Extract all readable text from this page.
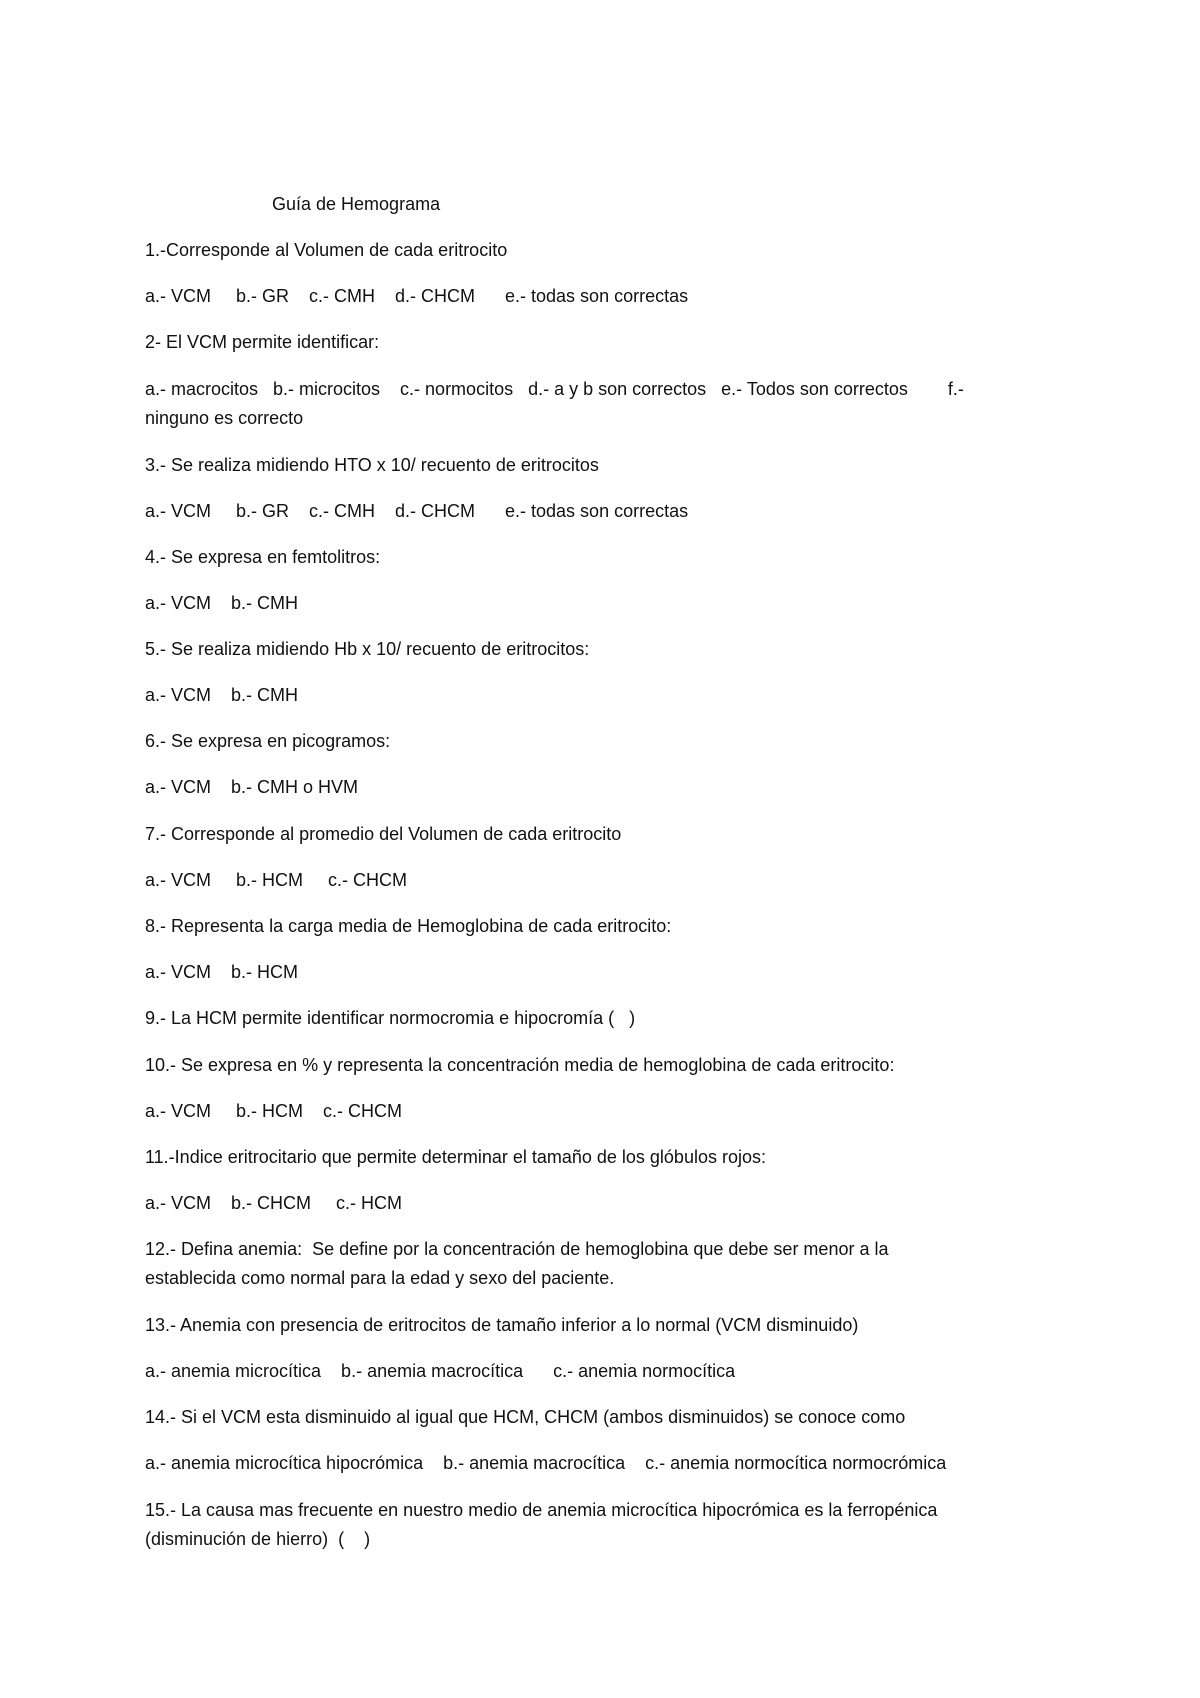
Guía de Hemograma

1.-Corresponde al Volumen de cada eritrocito

a.- VCM     b.- GR    c.- CMH    d.- CHCM      e.- todas son correctas

2- El VCM permite identificar:

a.- macrocitos   b.- microcitos    c.- normocitos   d.- a y b son correctos   e.- Todos son correctos        f.-

ninguno es correcto

3.- Se realiza midiendo HTO x 10/ recuento de eritrocitos

a.- VCM     b.- GR    c.- CMH    d.- CHCM      e.- todas son correctas

4.- Se expresa en femtolitros:

a.- VCM    b.- CMH

5.- Se realiza midiendo Hb x 10/ recuento de eritrocitos:

a.- VCM    b.- CMH

6.- Se expresa en picogramos:

a.- VCM    b.- CMH o HVM

7.- Corresponde al promedio del Volumen de cada eritrocito

a.- VCM     b.- HCM     c.- CHCM

8.- Representa la carga media de Hemoglobina de cada eritrocito:

a.- VCM    b.- HCM

9.- La HCM permite identificar normocromia e hipocromía (   )

10.- Se expresa en % y representa la concentración media de hemoglobina de cada eritrocito:

a.- VCM     b.- HCM    c.- CHCM

11.-Indice eritrocitario que permite determinar el tamaño de los glóbulos rojos:

a.- VCM    b.- CHCM     c.- HCM

12.- Defina anemia:  Se define por la concentración de hemoglobina que debe ser menor a la

establecida como normal para la edad y sexo del paciente.

13.- Anemia con presencia de eritrocitos de tamaño inferior a lo normal (VCM disminuido)

a.- anemia microcítica    b.- anemia macrocítica      c.- anemia normocítica

14.- Si el VCM esta disminuido al igual que HCM, CHCM (ambos disminuidos) se conoce como

a.- anemia microcítica hipocrómica    b.- anemia macrocítica    c.- anemia normocítica normocrómica

15.- La causa mas frecuente en nuestro medio de anemia microcítica hipocrómica es la ferropénica

(disminución de hierro)  (    )
